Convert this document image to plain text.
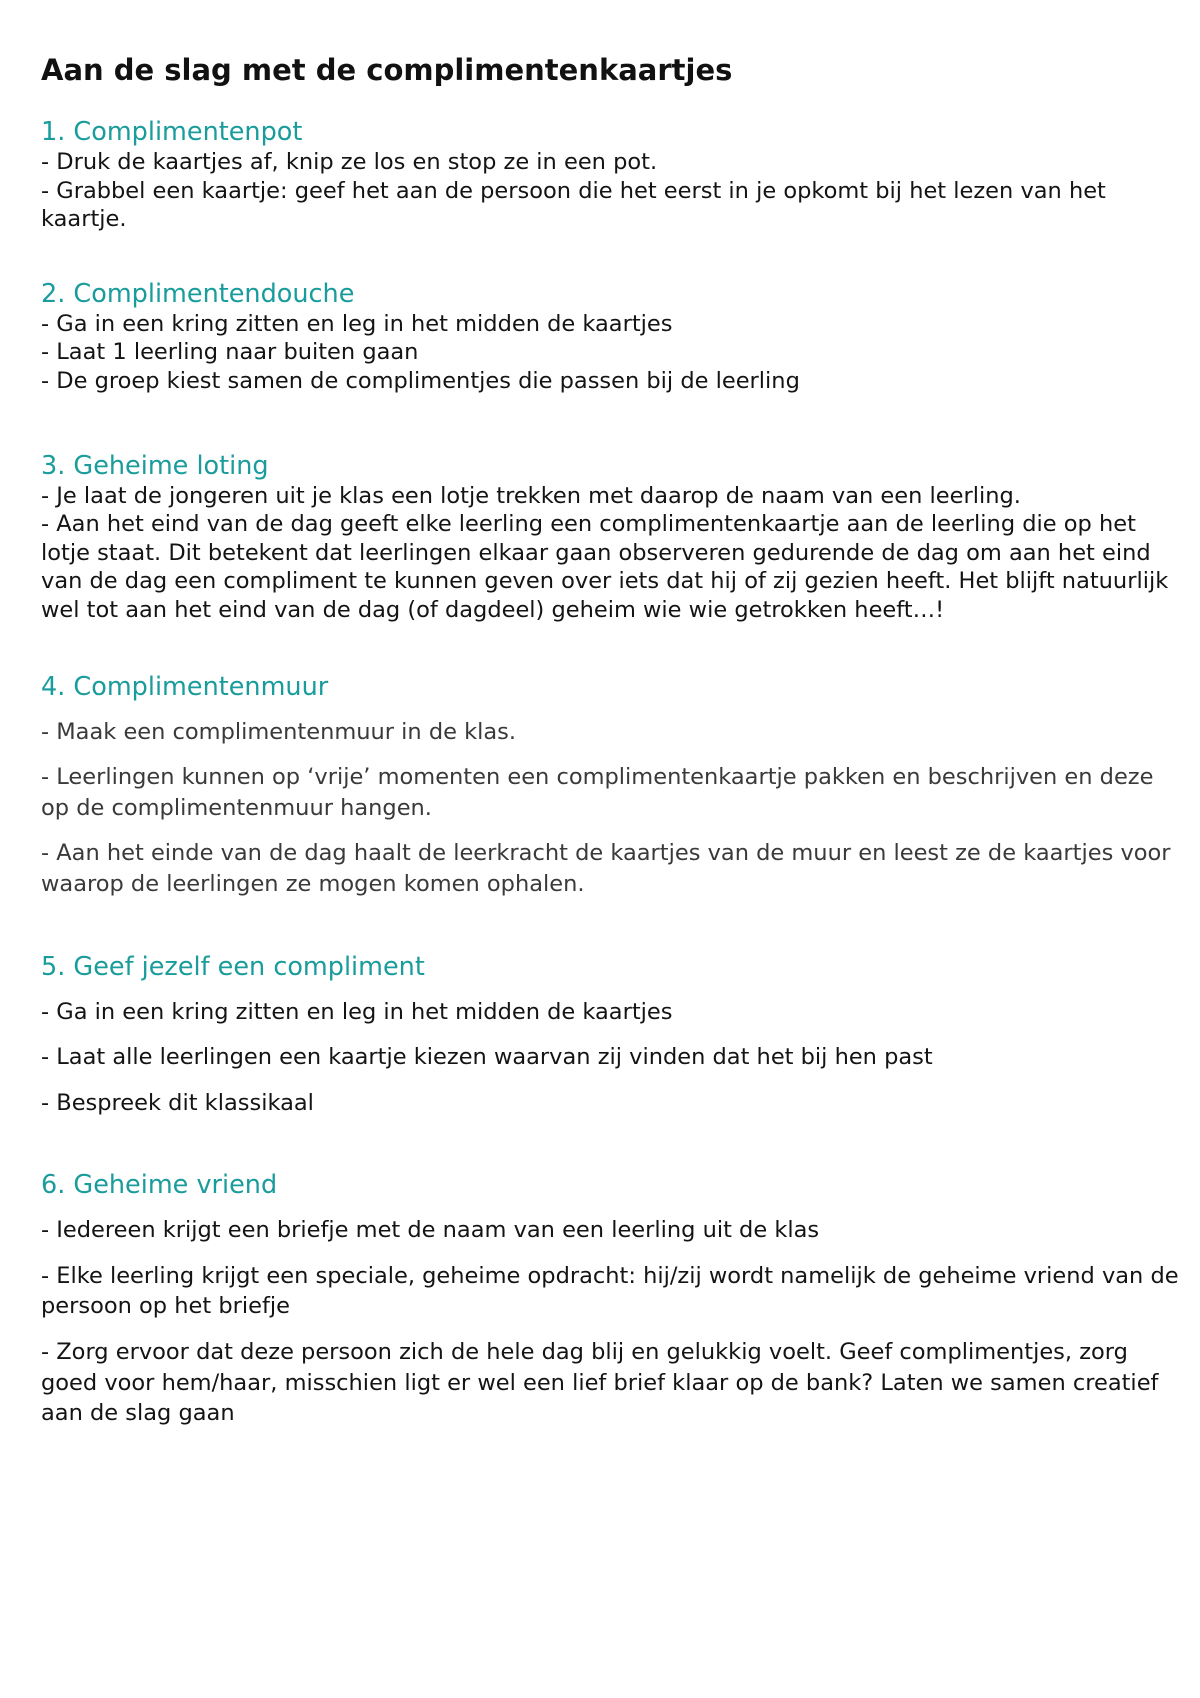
Aan de slag met de complimentenkaartjes
1. Complimentenpot

- Druk de kaartjes af, knip ze los en stop ze in een pot.

- Grabbel een kaartje: geef het aan de persoon die het eerst in je opkomt bij het lezen van het kaartje.

2. Complimentendouche

- Ga in een kring zitten en leg in het midden de kaartjes

- Laat 1 leerling naar buiten gaan

- De groep kiest samen de complimentjes die passen bij de leerling

3. Geheime loting

- Je laat de jongeren uit je klas een lotje trekken met daarop de naam van een leerling.

- Aan het eind van de dag geeft elke leerling een complimentenkaartje aan de leerling die op het lotje staat. Dit betekent dat leerlingen elkaar gaan observeren gedurende de dag om aan het eind van de dag een compliment te kunnen geven over iets dat hij of zij gezien heeft. Het blijft natuurlijk wel tot aan het eind van de dag (of dagdeel) geheim wie wie getrokken heeft…!

4. Complimentenmuur

- Maak een complimentenmuur in de klas.

- Leerlingen kunnen op ‘vrije’ momenten een complimentenkaartje pakken en beschrijven en deze op de complimentenmuur hangen.

- Aan het einde van de dag haalt de leerkracht de kaartjes van de muur en leest ze de kaartjes voor waarop de leerlingen ze mogen komen ophalen.

5. Geef jezelf een compliment

- Ga in een kring zitten en leg in het midden de kaartjes

- Laat alle leerlingen een kaartje kiezen waarvan zij vinden dat het bij hen past

- Bespreek dit klassikaal

6. Geheime vriend

- Iedereen krijgt een briefje met de naam van een leerling uit de klas

- Elke leerling krijgt een speciale, geheime opdracht: hij/zij wordt namelijk de geheime vriend van de persoon op het briefje

- Zorg ervoor dat deze persoon zich de hele dag blij en gelukkig voelt. Geef complimentjes, zorg goed voor hem/haar, misschien ligt er wel een lief brief klaar op de bank? Laten we samen creatief aan de slag gaan
